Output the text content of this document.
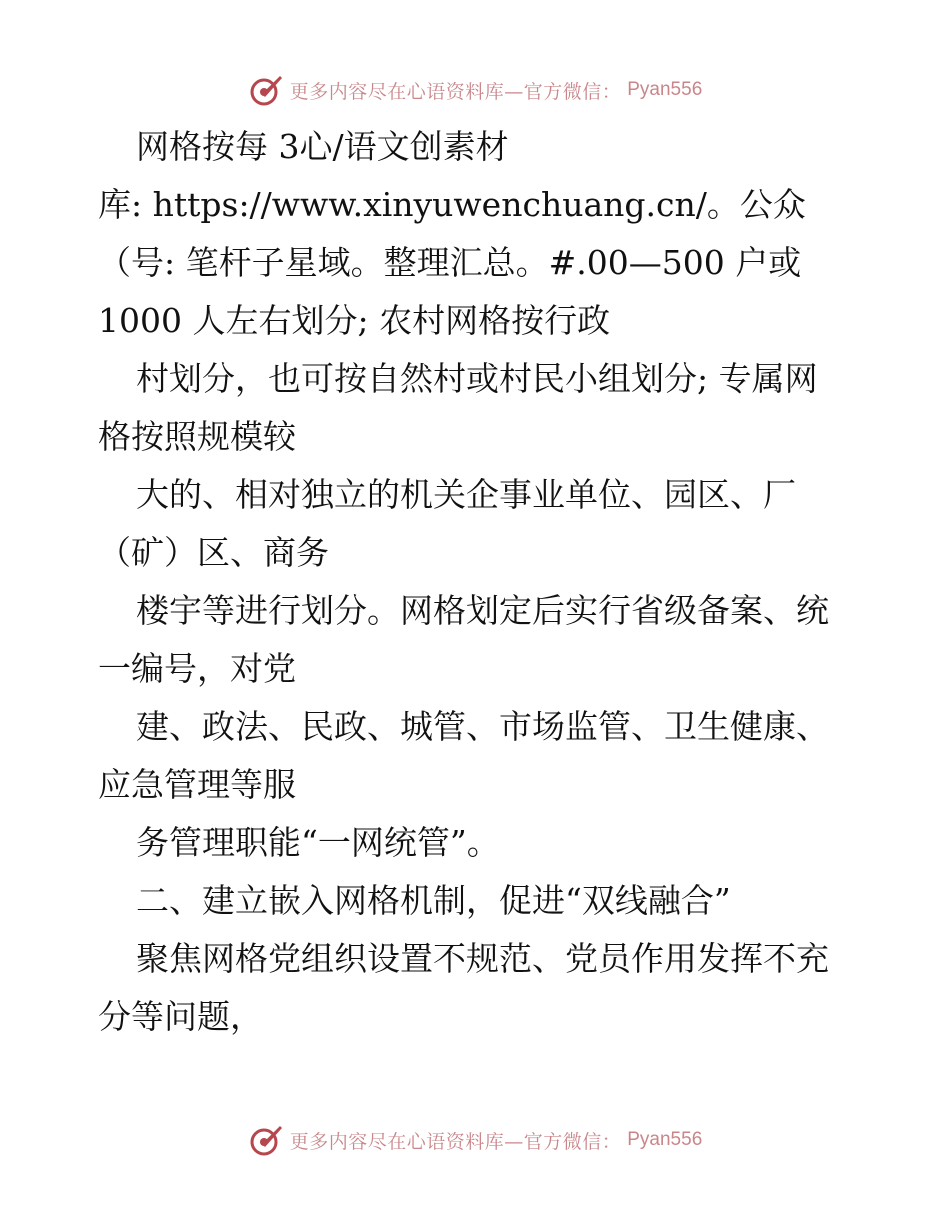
更多内容尽在心语资料库—官方微信： Pyan556
网格按每 3心/语文创素材
库: https://www.xinyuwenchuang.cn/。公众
（号: 笔杆子星域。整理汇总。#.00—500 户或
1000 人左右划分; 农村网格按行政
村划分，也可按自然村或村民小组划分; 专属网
格按照规模较
大的、相对独立的机关企事业单位、园区、厂
（矿）区、商务
楼宇等进行划分。网格划定后实行省级备案、统
一编号，对党
建、政法、民政、城管、市场监管、卫生健康、
应急管理等服
务管理职能“一网统管”。
二、建立嵌入网格机制，促进“双线融合”
聚焦网格党组织设置不规范、党员作用发挥不充
分等问题，
更多内容尽在心语资料库—官方微信： Pyan556
